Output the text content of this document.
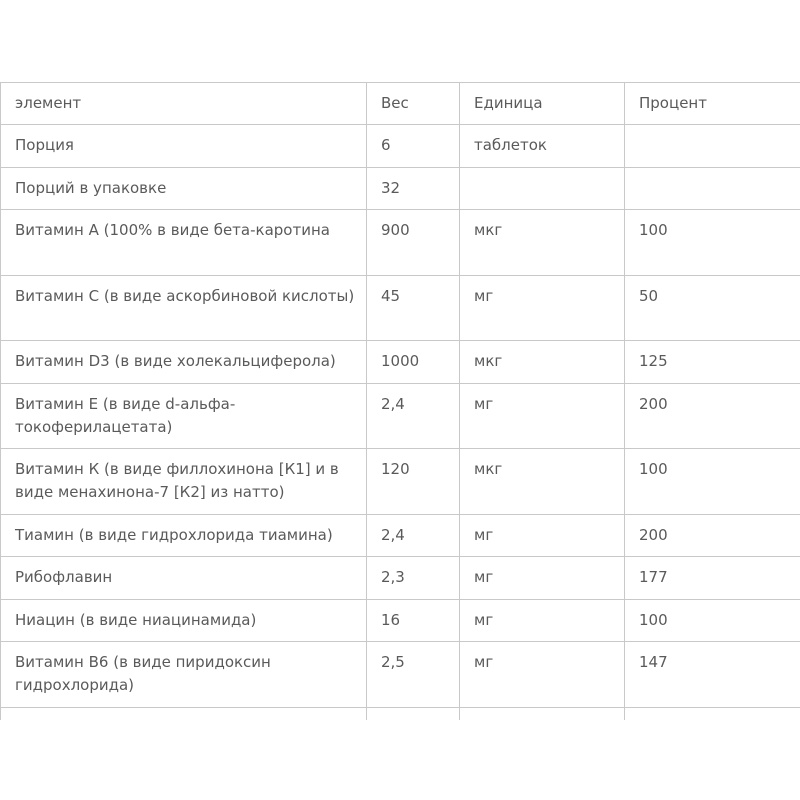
элемент	Вес	Единица	Процент
Порция	6	таблеток	
Порций в упаковке	32		
Витамин А (100% в виде бета-каротина	900	мкг	100
Витамин С (в виде аскорбиновой кислоты)	45	мг	50
Витамин D3 (в виде холекальциферола)	1000	мкг	125
Витамин Е (в виде d-альфа-токоферилацетата)	2,4	мг	200
Витамин К (в виде филлохинона [К1] и в виде менахинона-7 [К2] из натто)	120	мкг	100
Тиамин (в виде гидрохлорида тиамина)	2,4	мг	200
Рибофлавин	2,3	мг	177
Ниацин (в виде ниацинамида)	16	мг	100
Витамин В6 (в виде пиридоксин гидрохлорида)	2,5	мг	147
